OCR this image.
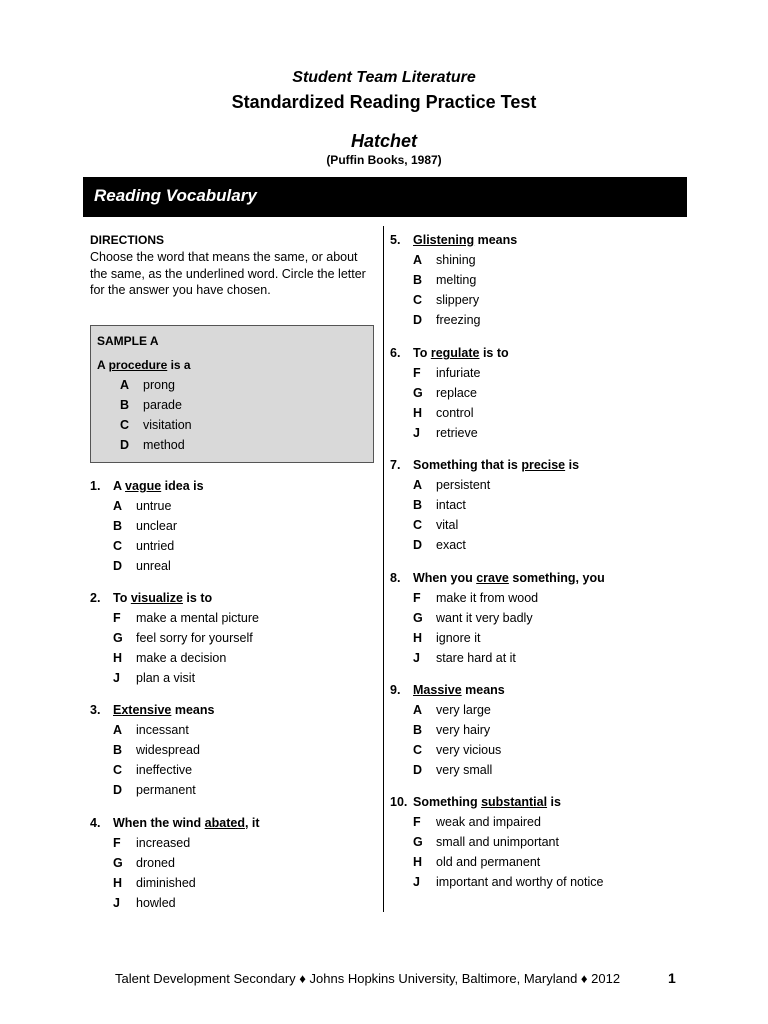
Student Team Literature
Standardized Reading Practice Test
Hatchet
(Puffin Books, 1987)
Reading Vocabulary
DIRECTIONS
Choose the word that means the same, or about the same, as the underlined word. Circle the letter for the answer you have chosen.
SAMPLE A
A procedure is a
A prong
B parade
C visitation
D method
1. A vague idea is
A untrue
B unclear
C untried
D unreal
2. To visualize is to
F make a mental picture
G feel sorry for yourself
H make a decision
J plan a visit
3. Extensive means
A incessant
B widespread
C ineffective
D permanent
4. When the wind abated, it
F increased
G droned
H diminished
J howled
5. Glistening means
A shining
B melting
C slippery
D freezing
6. To regulate is to
F infuriate
G replace
H control
J retrieve
7. Something that is precise is
A persistent
B intact
C vital
D exact
8. When you crave something, you
F make it from wood
G want it very badly
H ignore it
J stare hard at it
9. Massive means
A very large
B very hairy
C very vicious
D very small
10. Something substantial is
F weak and impaired
G small and unimportant
H old and permanent
J important and worthy of notice
Talent Development Secondary ♦ Johns Hopkins University, Baltimore, Maryland ♦ 2012	1
